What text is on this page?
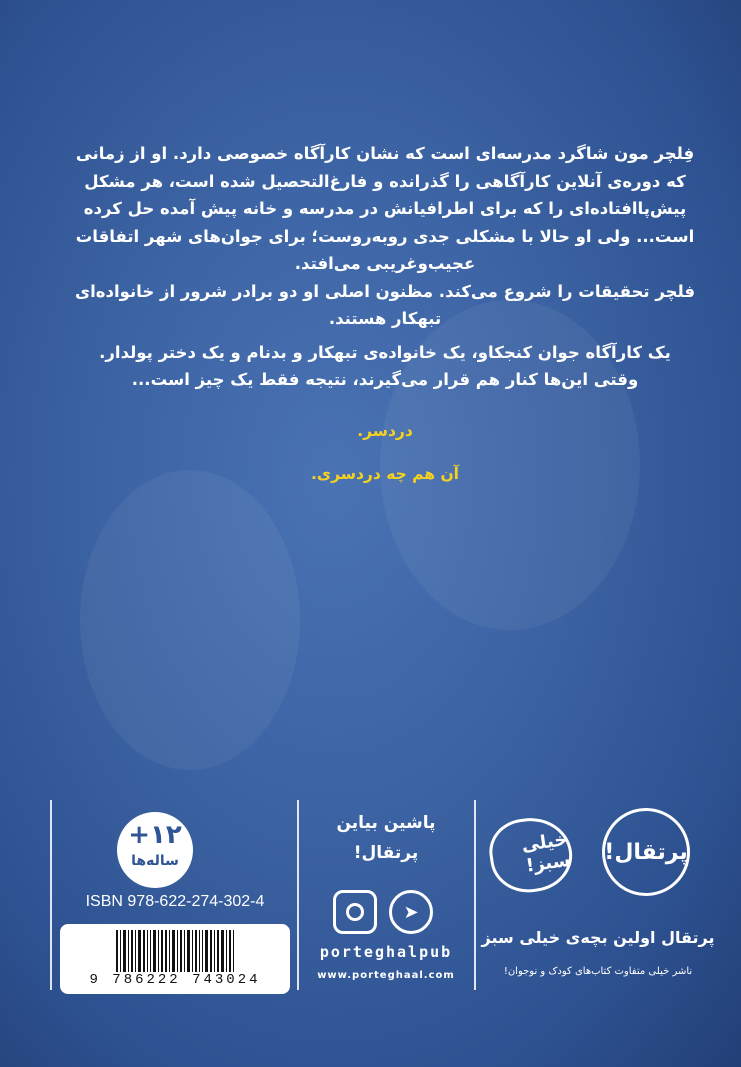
فِلچر مون شاگرد مدرسه‌ای است که نشان کارآگاه خصوصی دارد. او از زمانی
که دوره‌ی آنلاین کارآگاهی را گذرانده و فارغ‌التحصیل شده است، هر مشکل
پیش‌پاافتاده‌ای را که برای اطرافیانش در مدرسه و خانه پیش آمده حل کرده
است... ولی او حالا با مشکلی جدی روبه‌روست؛ برای جوان‌های شهر اتفاقات
عجیب‌وغریبی می‌افتد.
فلچر تحقیقات را شروع می‌کند. مظنون اصلی او دو برادر شرور از خانواده‌ای
تبهکار هستند.
یک کارآگاه جوان کنجکاو، یک خانواده‌ی تبهکار و بدنام و یک دختر پولدار.
وقتی این‌ها کنار هم قرار می‌گیرند، نتیجه فقط یک چیز است...
دردسر.
آن هم چه دردسری.
+۱۲
ساله‌ها
ISBN 978-622-274-302-4
9 786222 743024
پاشین بیاین
پرتقال!
➤
porteghalpub
www.porteghaal.com
خیلی سبز! پرتقال!
پرتقال اولین بچه‌ی خیلی سبز
ناشر خیلی متفاوت کتاب‌های کودک و نوجوان!
